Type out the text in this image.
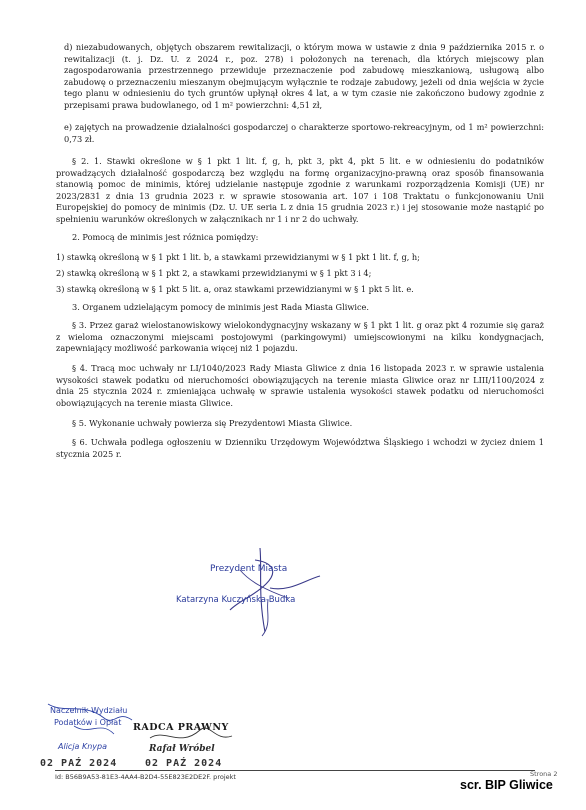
d) niezabudowanych, objętych obszarem rewitalizacji, o którym mowa w ustawie z dnia 9 października 2015 r. o rewitalizacji (t. j. Dz. U. z 2024 r., poz. 278) i położonych na terenach, dla których miejscowy plan zagospodarowania przestrzennego przewiduje przeznaczenie pod zabudowę mieszkaniową, usługową albo zabudowę o przeznaczeniu mieszanym obejmującym wyłącznie te rodzaje zabudowy, jeżeli od dnia wejścia w życie tego planu w odniesieniu do tych gruntów upłynął okres 4 lat, a w tym czasie nie zakończono budowy zgodnie z przepisami prawa budowlanego, od 1 m² powierzchni: 4,51 zł,
e) zajętych na prowadzenie działalności gospodarczej o charakterze sportowo-rekreacyjnym, od 1 m² powierzchni: 0,73 zł.
§ 2. 1. Stawki określone w § 1 pkt 1 lit. f, g, h, pkt 3, pkt 4, pkt 5 lit. e w odniesieniu do podatników prowadzących działalność gospodarczą bez względu na formę organizacyjno-prawną oraz sposób finansowania stanowią pomoc de minimis, której udzielanie następuje zgodnie z warunkami rozporządzenia Komisji (UE) nr 2023/2831 z dnia 13 grudnia 2023 r. w sprawie stosowania art. 107 i 108 Traktatu o funkcjonowaniu Unii Europejskiej do pomocy de minimis (Dz. U. UE seria L z dnia 15 grudnia 2023 r.) i jej stosowanie może nastąpić po spełnieniu warunków określonych w załącznikach nr 1 i nr 2 do uchwały.
2. Pomocą de minimis jest różnica pomiędzy:
1) stawką określoną w § 1 pkt 1 lit. b, a stawkami przewidzianymi w § 1 pkt 1 lit. f, g, h;
2) stawką określoną w § 1 pkt 2, a stawkami przewidzianymi w § 1 pkt 3 i 4;
3) stawką określoną w § 1 pkt 5 lit. a, oraz stawkami przewidzianymi w § 1 pkt 5 lit. e.
3. Organem udzielającym pomocy de minimis jest Rada Miasta Gliwice.
§ 3. Przez garaż wielostanowiskowy wielokondygnacyjny wskazany w § 1 pkt 1 lit. g oraz pkt 4 rozumie się garaż z wieloma oznaczonymi miejscami postojowymi (parkingowymi) umiejscowionymi na kilku kondygnacjach, zapewniający możliwość parkowania więcej niż 1 pojazdu.
§ 4. Tracą moc uchwały nr LI/1040/2023 Rady Miasta Gliwice z dnia 16 listopada 2023 r. w sprawie ustalenia wysokości stawek podatku od nieruchomości obowiązujących na terenie miasta Gliwice oraz nr LIII/1100/2024 z dnia 25 stycznia 2024 r. zmieniająca uchwałę w sprawie ustalenia wysokości stawek podatku od nieruchomości obowiązujących na terenie miasta Gliwice.
§ 5. Wykonanie uchwały powierza się Prezydentowi Miasta Gliwice.
§ 6. Uchwała podlega ogłoszeniu w Dzienniku Urzędowym Województwa Śląskiego i wchodzi w życiez dniem 1 stycznia 2025 r.
Prezydent Miasta
Katarzyna Kuczyńska-Budka
Naczelnik Wydziału
Podatków i Opłat
Alicja Knypa
RADCA PRAWNY
Rafał Wróbel
02 PAŹ 2024	02 PAŹ 2024
Id: B56B9A53-81E3-4AA4-B2D4-55E823E2DE2F. projekt	Strona 2
scr. BIP Gliwice
